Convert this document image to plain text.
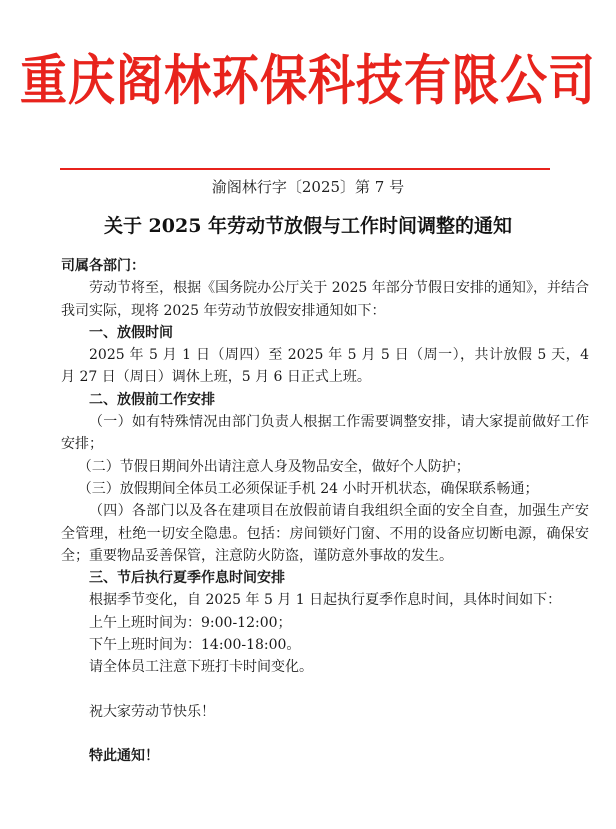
重庆阁林环保科技有限公司
渝阁林行字〔2025〕第 7 号
关于 2025 年劳动节放假与工作时间调整的通知

司属各部门：

劳动节将至，根据《国务院办公厅关于 2025 年部分节假日安排的通知》，并结合我司实际，现将 2025 年劳动节放假安排通知如下：

一、放假时间

2025 年 5 月 1 日（周四）至 2025 年 5 月 5 日（周一），共计放假 5 天，4 月 27 日（周日）调休上班，5 月 6 日正式上班。

二、放假前工作安排

（一）如有特殊情况由部门负责人根据工作需要调整安排，请大家提前做好工作安排；

（二）节假日期间外出请注意人身及物品安全，做好个人防护；

（三）放假期间全体员工必须保证手机 24 小时开机状态，确保联系畅通；

（四）各部门以及各在建项目在放假前请自我组织全面的安全自查，加强生产安全管理，杜绝一切安全隐患。包括：房间锁好门窗、不用的设备应切断电源，确保安全；重要物品妥善保管，注意防火防盗，谨防意外事故的发生。

三、节后执行夏季作息时间安排

根据季节变化，自 2025 年 5 月 1 日起执行夏季作息时间，具体时间如下：

上午上班时间为：9:00-12:00；

下午上班时间为：14:00-18:00。

请全体员工注意下班打卡时间变化。

祝大家劳动节快乐！

特此通知！
